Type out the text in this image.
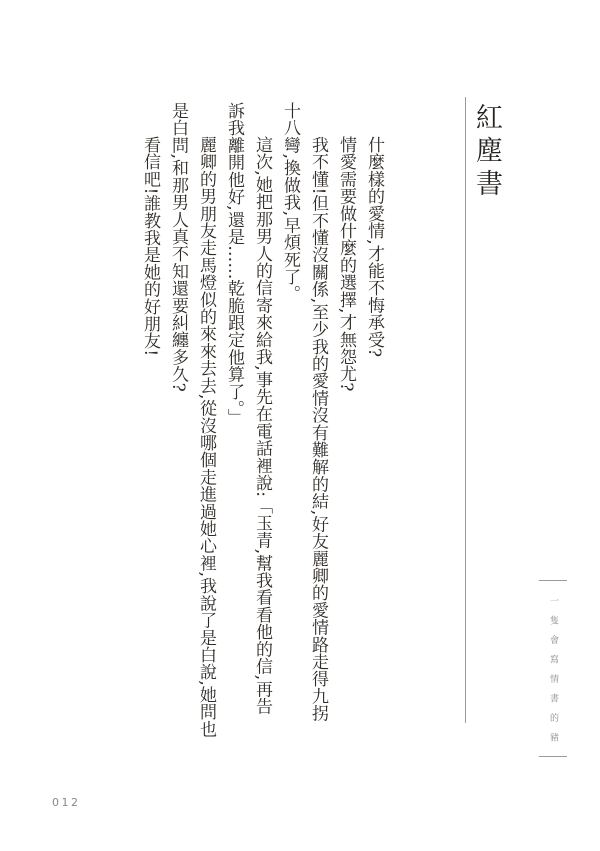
紅塵書
什麼樣的愛情,才能不悔承受?
情愛需要做什麼的選擇,才無怨尤?
我不懂!但不懂沒關係,至少我的愛情沒有難解的結,好友麗卿的愛情路走得九拐
十八彎,換做我,早煩死了。
這次,她把那男人的信寄來給我,事先在電話裡說:「玉青,幫我看看他的信,再告
訴我離開他好,還是……乾脆跟定他算了。」
麗卿的男朋友走馬燈似的來來去去,從沒哪個走進過她心裡,我說了是白說,她問也
是白問,和那男人真不知還要糾纏多久?
看信吧!誰教我是她的好朋友!
一隻會寫情書的豬
012
